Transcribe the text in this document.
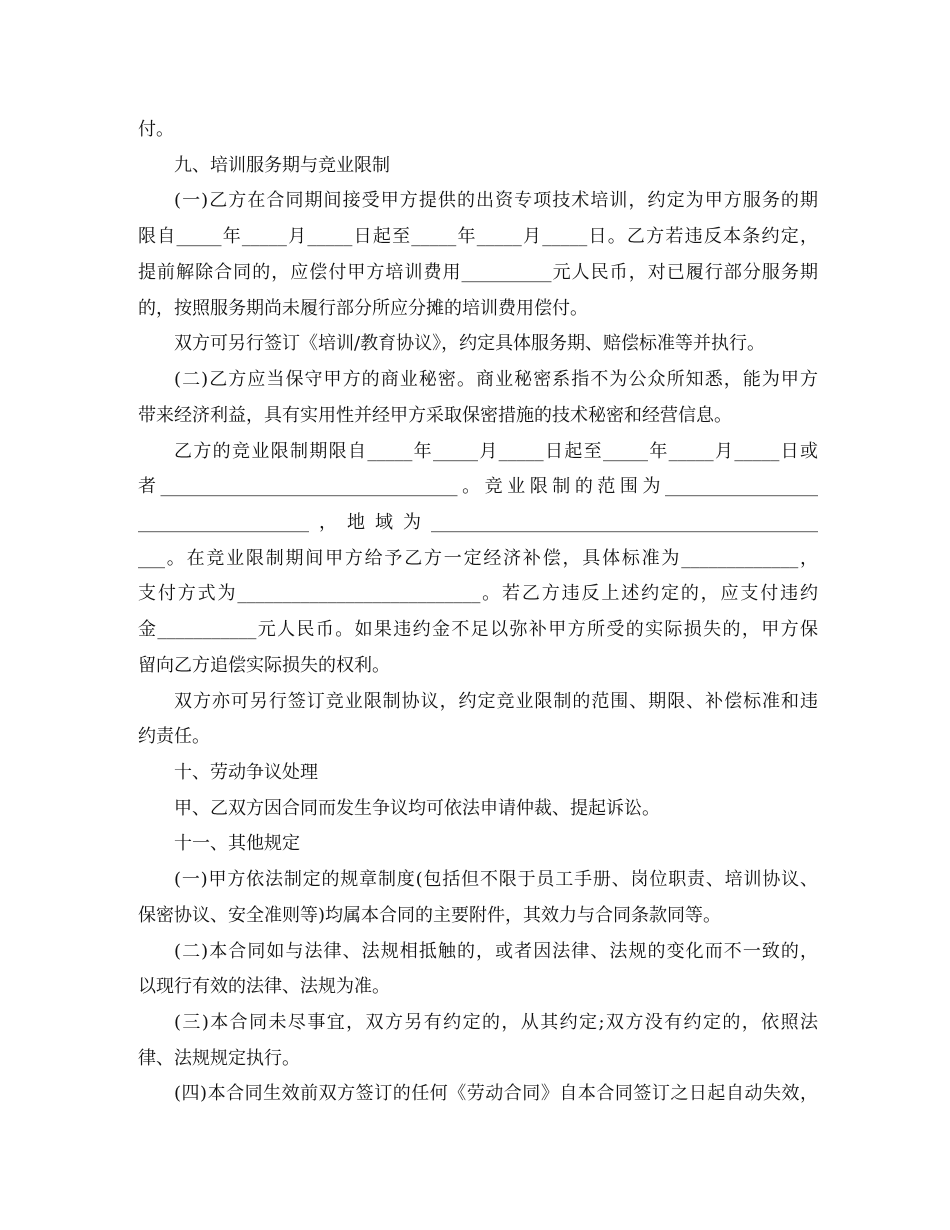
付。
九、培训服务期与竞业限制
(一)乙方在合同期间接受甲方提供的出资专项技术培训，约定为甲方服务的期
限自_____年_____月_____日起至_____年_____月_____日。乙方若违反本条约定，
提前解除合同的，应偿付甲方培训费用__________元人民币，对已履行部分服务期
的，按照服务期尚未履行部分所应分摊的培训费用偿付。
双方可另行签订《培训/教育协议》，约定具体服务期、赔偿标准等并执行。
(二)乙方应当保守甲方的商业秘密。商业秘密系指不为公众所知悉，能为甲方
带来经济利益，具有实用性并经甲方采取保密措施的技术秘密和经营信息。
乙方的竞业限制期限自_____年_____月_____日起至_____年_____月_____日或
者_________________________________。竞业限制的范围为_________________
___________________，地域为___________________________________________
___。在竞业限制期间甲方给予乙方一定经济补偿，具体标准为_____________，
支付方式为___________________________。若乙方违反上述约定的，应支付违约
金___________元人民币。如果违约金不足以弥补甲方所受的实际损失的，甲方保
留向乙方追偿实际损失的权利。
双方亦可另行签订竞业限制协议，约定竞业限制的范围、期限、补偿标准和违
约责任。
十、劳动争议处理
甲、乙双方因合同而发生争议均可依法申请仲裁、提起诉讼。
十一、其他规定
(一)甲方依法制定的规章制度(包括但不限于员工手册、岗位职责、培训协议、
保密协议、安全准则等)均属本合同的主要附件，其效力与合同条款同等。
(二)本合同如与法律、法规相抵触的，或者因法律、法规的变化而不一致的，
以现行有效的法律、法规为准。
(三)本合同未尽事宜，双方另有约定的，从其约定;双方没有约定的，依照法
律、法规规定执行。
(四)本合同生效前双方签订的任何《劳动合同》自本合同签订之日起自动失效，
